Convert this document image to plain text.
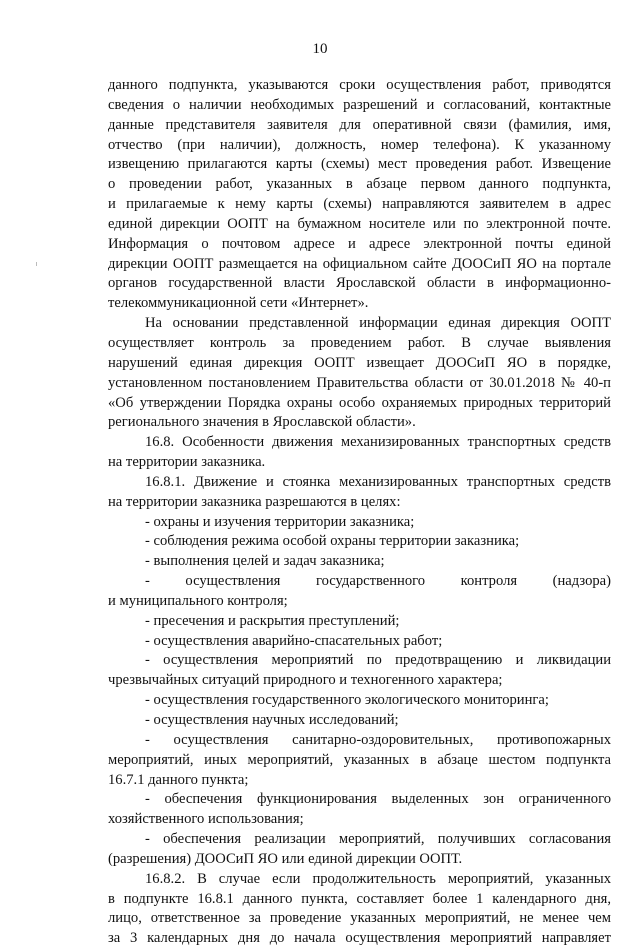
10
данного подпункта, указываются сроки осуществления работ, приводятся
сведения о наличии необходимых разрешений и согласований, контактные
данные представителя заявителя для оперативной связи (фамилия, имя,
отчество (при наличии), должность, номер телефона). К указанному
извещению прилагаются карты (схемы) мест проведения работ. Извещение
о проведении работ, указанных в абзаце первом данного подпункта,
и прилагаемые к нему карты (схемы) направляются заявителем в адрес
единой дирекции ООПТ на бумажном носителе или по электронной почте.
Информация о почтовом адресе и адресе электронной почты единой
дирекции ООПТ размещается на официальном сайте ДООСиП ЯО на портале
органов государственной власти Ярославской области в информационно-
телекоммуникационной сети «Интернет».
На основании представленной информации единая дирекция ООПТ
осуществляет контроль за проведением работ. В случае выявления
нарушений единая дирекция ООПТ извещает ДООСиП ЯО в порядке,
установленном постановлением Правительства области от 30.01.2018 № 40-п
«Об утверждении Порядка охраны особо охраняемых природных территорий
регионального значения в Ярославской области».
16.8. Особенности движения механизированных транспортных средств
на территории заказника.
16.8.1. Движение и стоянка механизированных транспортных средств
на территории заказника разрешаются в целях:
- охраны и изучения территории заказника;
- соблюдения режима особой охраны территории заказника;
- выполнения целей и задач заказника;
- осуществления государственного контроля (надзора)
и муниципального контроля;
- пресечения и раскрытия преступлений;
- осуществления аварийно-спасательных работ;
- осуществления мероприятий по предотвращению и ликвидации
чрезвычайных ситуаций природного и техногенного характера;
- осуществления государственного экологического мониторинга;
- осуществления научных исследований;
- осуществления санитарно-оздоровительных, противопожарных
мероприятий, иных мероприятий, указанных в абзаце шестом подпункта
16.7.1 данного пункта;
- обеспечения функционирования выделенных зон ограниченного
хозяйственного использования;
- обеспечения реализации мероприятий, получивших согласования
(разрешения) ДООСиП ЯО или единой дирекции ООПТ.
16.8.2. В случае если продолжительность мероприятий, указанных
в подпункте 16.8.1 данного пункта, составляет более 1 календарного дня,
лицо, ответственное за проведение указанных мероприятий, не менее чем
за 3 календарных дня до начала осуществления мероприятий направляет
